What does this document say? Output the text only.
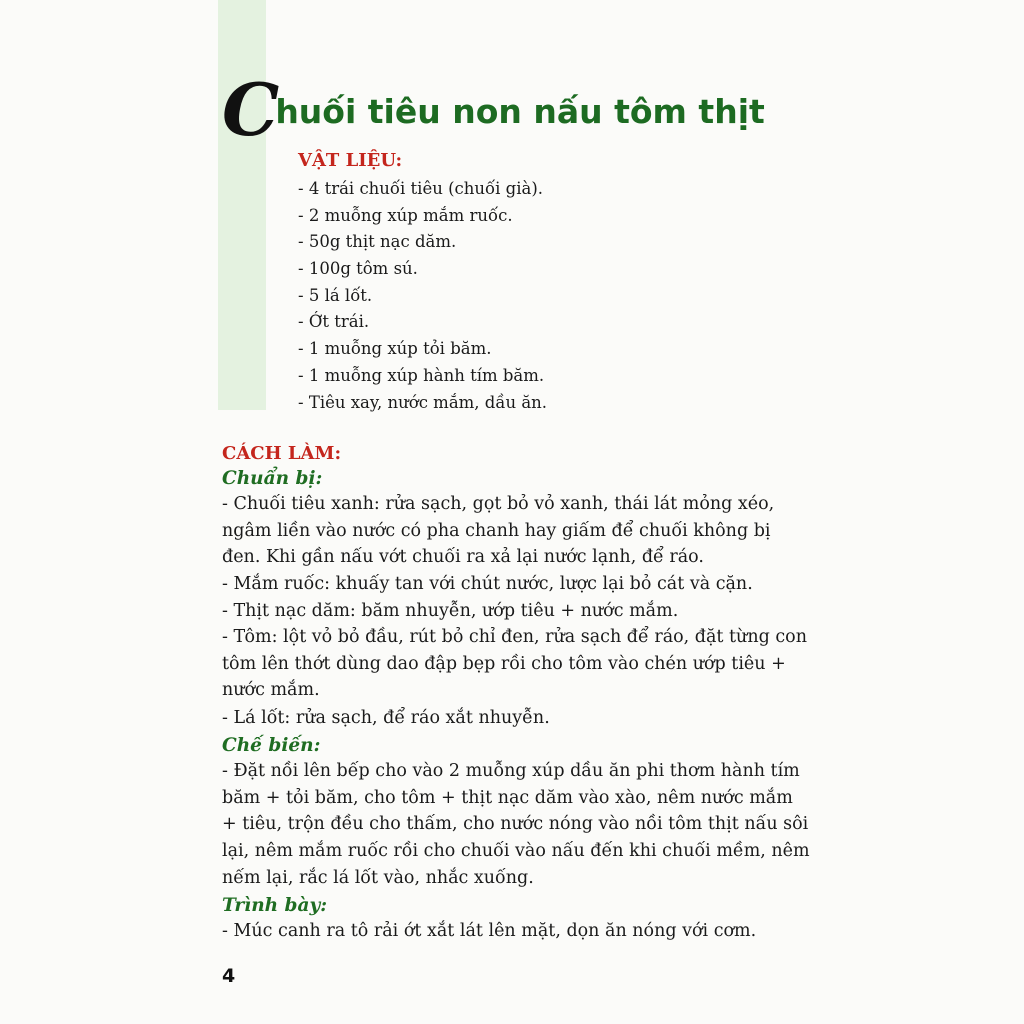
Chuối tiêu non nấu tôm thịt
VẬT LIỆU:
- 4 trái chuối tiêu (chuối già).
- 2 muỗng xúp mắm ruốc.
- 50g thịt nạc dăm.
- 100g tôm sú.
- 5 lá lốt.
- Ớt trái.
- 1 muỗng xúp tỏi băm.
- 1 muỗng xúp hành tím băm.
- Tiêu xay, nước mắm, dầu ăn.
CÁCH LÀM:
Chuẩn bị:

- Chuối tiêu xanh: rửa sạch, gọt bỏ vỏ xanh, thái lát mỏng xéo, ngâm liền vào nước có pha chanh hay giấm để chuối không bị đen. Khi gần nấu vớt chuối ra xả lại nước lạnh, để ráo.

- Mắm ruốc: khuấy tan với chút nước, lược lại bỏ cát và cặn.

- Thịt nạc dăm: băm nhuyễn, ướp tiêu + nước mắm.

- Tôm: lột vỏ bỏ đầu, rút bỏ chỉ đen, rửa sạch để ráo, đặt từng con tôm lên thớt dùng dao đập bẹp rồi cho tôm vào chén ướp tiêu + nước mắm.

- Lá lốt: rửa sạch, để ráo xắt nhuyễn.

Chế biến:

- Đặt nồi lên bếp cho vào 2 muỗng xúp dầu ăn phi thơm hành tím băm + tỏi băm, cho tôm + thịt nạc dăm vào xào, nêm nước mắm + tiêu, trộn đều cho thấm, cho nước nóng vào nồi tôm thịt nấu sôi lại, nêm mắm ruốc rồi cho chuối vào nấu đến khi chuối mềm, nêm nếm lại, rắc lá lốt vào, nhắc xuống.

Trình bày:

- Múc canh ra tô rải ớt xắt lát lên mặt, dọn ăn nóng với cơm.

4
